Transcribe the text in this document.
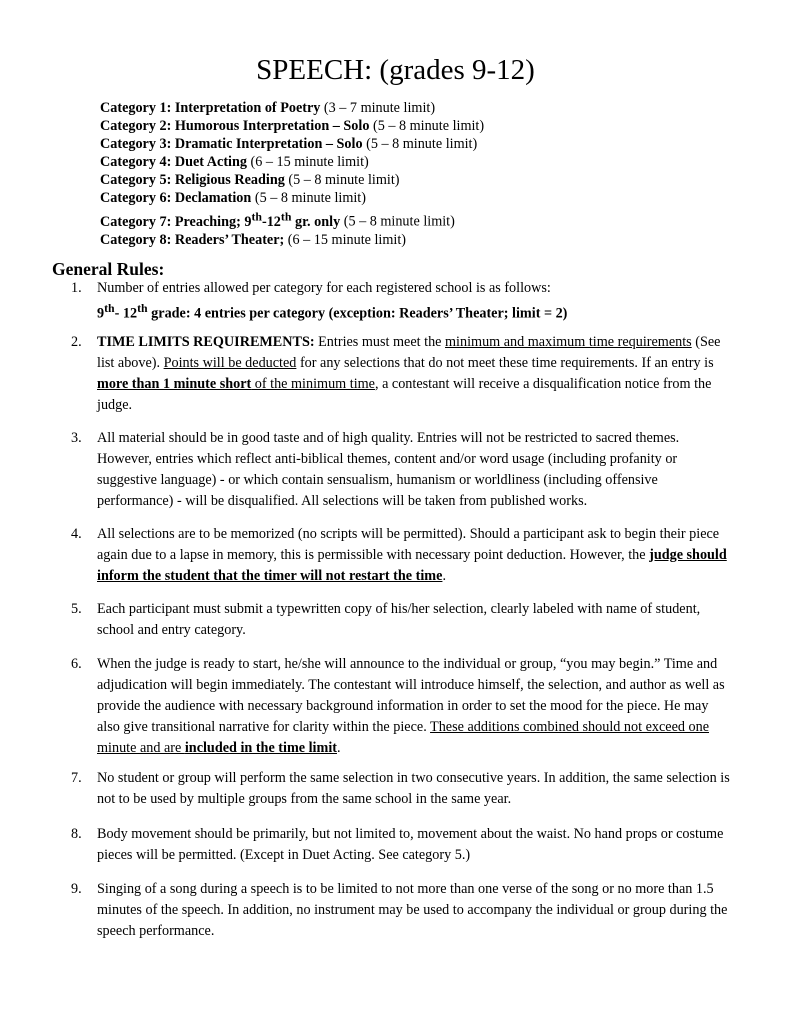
SPEECH: (grades 9-12)
Category 1: Interpretation of Poetry (3 – 7 minute limit)
Category 2: Humorous Interpretation – Solo (5 – 8 minute limit)
Category 3: Dramatic Interpretation – Solo (5 – 8 minute limit)
Category 4: Duet Acting (6 – 15 minute limit)
Category 5: Religious Reading (5 – 8 minute limit)
Category 6: Declamation (5 – 8 minute limit)
Category 7: Preaching; 9th-12th gr. only (5 – 8 minute limit)
Category 8: Readers’ Theater; (6 – 15 minute limit)
General Rules:
1. Number of entries allowed per category for each registered school is as follows:
9th- 12th grade: 4 entries per category (exception: Readers’ Theater; limit = 2)
2. TIME LIMITS REQUIREMENTS: Entries must meet the minimum and maximum time requirements (See list above). Points will be deducted for any selections that do not meet these time requirements. If an entry is more than 1 minute short of the minimum time, a contestant will receive a disqualification notice from the judge.
3. All material should be in good taste and of high quality. Entries will not be restricted to sacred themes. However, entries which reflect anti-biblical themes, content and/or word usage (including profanity or suggestive language) - or which contain sensualism, humanism or worldliness (including offensive performance) - will be disqualified. All selections will be taken from published works.
4. All selections are to be memorized (no scripts will be permitted). Should a participant ask to begin their piece again due to a lapse in memory, this is permissible with necessary point deduction. However, the judge should inform the student that the timer will not restart the time.
5. Each participant must submit a typewritten copy of his/her selection, clearly labeled with name of student, school and entry category.
6. When the judge is ready to start, he/she will announce to the individual or group, “you may begin.” Time and adjudication will begin immediately. The contestant will introduce himself, the selection, and author as well as provide the audience with necessary background information in order to set the mood for the piece. He may also give transitional narrative for clarity within the piece. These additions combined should not exceed one minute and are included in the time limit.
7. No student or group will perform the same selection in two consecutive years. In addition, the same selection is not to be used by multiple groups from the same school in the same year.
8. Body movement should be primarily, but not limited to, movement about the waist. No hand props or costume pieces will be permitted. (Except in Duet Acting. See category 5.)
9. Singing of a song during a speech is to be limited to not more than one verse of the song or no more than 1.5 minutes of the speech. In addition, no instrument may be used to accompany the individual or group during the speech performance.
